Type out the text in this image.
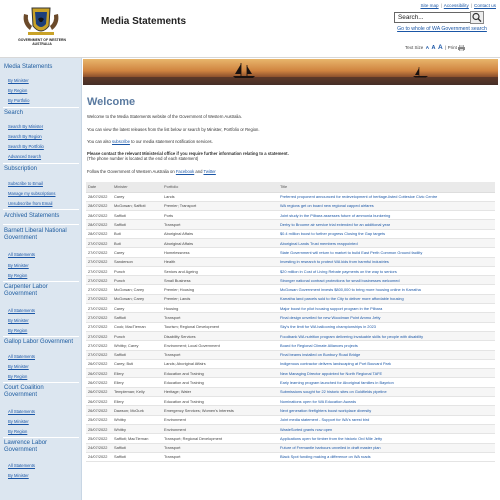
GOVERNMENT OF WESTERN AUSTRALIA
Media Statements
Site map | Accessibility | Contact us
Search...
Go to whole of WA Government search
Text Size A A A  | Print
Media Statements
By Minister
By Region
By Portfolio
Search
Search By Minister
Search By Region
Search By Portfolio
Advanced Search
Subscription
Subscribe to Email
Manage my subscriptions
Unsubscribe from Email
Archived Statements
Barnett Liberal National Government
All Statements
By Minister
By Region
Carpenter Labor Government
All Statements
By Minister
By Region
Gallop Labor Government
All Statements
By Minister
By Region
Court Coalition Government
All Statements
By Minister
By Region
Lawrence Labor Government
All Statements
By Minister
Welcome
Welcome to the Media Statements website of the Government of Western Australia.
You can view the latest releases from the list below or search by Minister, Portfolio or Region.
You can also subscribe to our media statement notification services.
Please contact the relevant Ministerial office if you require further information relating to a statement.
(The phone number is located at the end of each statement)
Follow the Government of Western Australia on Facebook and Twitter
Date	Minister	Portfolio	Title
28/07/2022	Carey	Lands	Preferred proponent announced for redevelopment of heritage-listed Cottesloe Civic Centre
28/07/2022	McGowan; Saffioti	Premier; Transport	WA regions get on board new regional capped airfares
28/07/2022	Saffioti	Ports	Joint study in the Pilbara assesses future of ammonia bunkering
28/07/2022	Saffioti	Transport	Derby to Broome air service trial extended for an additional year
28/07/2022	Buti	Aboriginal Affairs	$0.4 million boost to further progress Closing the Gap targets
27/07/2022	Buti	Aboriginal Affairs	Aboriginal Lands Trust members reappointed
27/07/2022	Carey	Homelessness	State Government will return to market to build East Perth Common Ground facility
27/07/2022	Sanderson	Health	Investing in research to protect WA kids from harmful industries
27/07/2022	Punch	Seniors and Ageing	$20 million in Cost of Living Rebate payments on the way to seniors
27/07/2022	Punch	Small Business	Stronger national contract protections for small businesses welcomed
27/07/2022	McGowan; Carey	Premier; Housing	McGowan Government invests $800,000 to bring more housing online in Karratha
27/07/2022	McGowan; Carey	Premier; Lands	Karratha land parcels sold to the City to deliver more affordable housing
27/07/2022	Carey	Housing	Major boost for pilot housing support program in the Pilbara
27/07/2022	Saffioti	Transport	Final design unveiled for new Woodman Point Ammo Jetty
27/07/2022	Cook; MacTiernan	Tourism; Regional Development	Sky's the limit for WA ballooning championships in 2023
27/07/2022	Punch	Disability Services	Foodbank WA nutrition program delivering invaluable skills for people with disability
27/07/2022	Whitby; Carey	Environment; Local Government	Board for Regional Climate Alliances projects
27/07/2022	Saffioti	Transport	Final beams installed on Bunbury Road Bridge
26/07/2022	Carey; Buti	Lands; Aboriginal Affairs	Indigenous contractor delivers landscaping at Port Bouvard Park
26/07/2022	Ellery	Education and Training	New Managing Director appointed for North Regional TAFE
26/07/2022	Ellery	Education and Training	Early learning program launched for Aboriginal families in Baynton
26/07/2022	Templeman; Kelly	Heritage; Water	Submissions sought for 22 historic sites on Goldfields pipeline
26/07/2022	Ellery	Education and Training	Nominations open for WA Education Awards
26/07/2022	Dawson; McGurk	Emergency Services; Women's Interests	Next generation firefighters boost workplace diversity
25/07/2022	Whitby	Environment	Joint media statement - Support for WA's rarest bird
25/07/2022	Whitby	Environment	WasteSorted grants now open
25/07/2022	Saffioti; MacTiernan	Transport; Regional Development	Applications open for timber from the historic Ord Mile Jetty
24/07/2022	Saffioti	Transport	Future of Fremantle harbours unveiled in draft master plan
24/07/2022	Saffioti	Transport	Black Spot funding making a difference on WA roads
